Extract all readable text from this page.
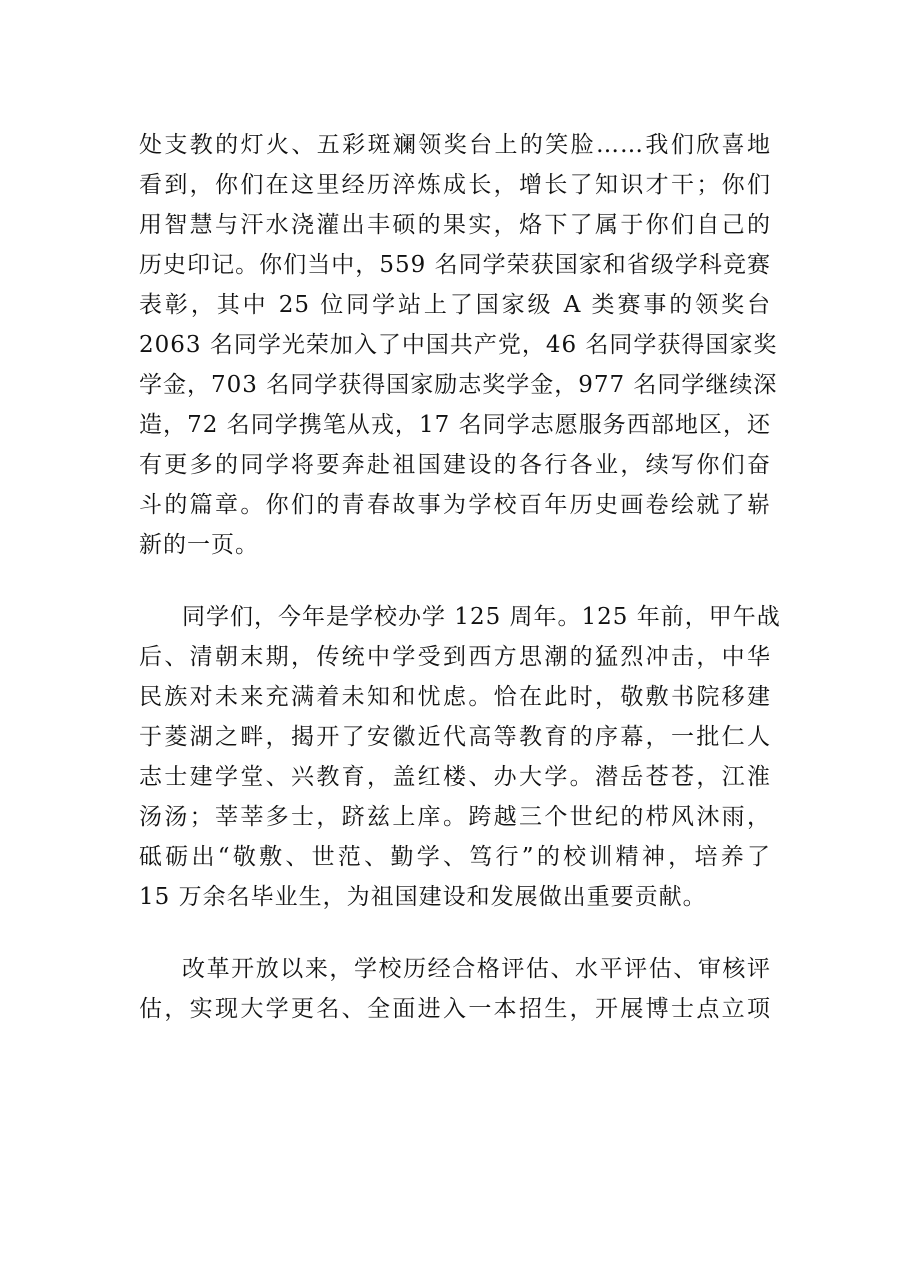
处支教的灯火、五彩斑斓领奖台上的笑脸……我们欣喜地
看到，你们在这里经历淬炼成长，增长了知识才干；你们
用智慧与汗水浇灌出丰硕的果实，烙下了属于你们自己的
历史印记。你们当中，559 名同学荣获国家和省级学科竞赛
表彰，其中 25 位同学站上了国家级 A 类赛事的领奖台
2063 名同学光荣加入了中国共产党，46 名同学获得国家奖
学金，703 名同学获得国家励志奖学金，977 名同学继续深
造，72 名同学携笔从戎，17 名同学志愿服务西部地区，还
有更多的同学将要奔赴祖国建设的各行各业，续写你们奋
斗的篇章。你们的青春故事为学校百年历史画卷绘就了崭
新的一页。
同学们，今年是学校办学 125 周年。125 年前，甲午战
后、清朝末期，传统中学受到西方思潮的猛烈冲击，中华
民族对未来充满着未知和忧虑。恰在此时，敬敷书院移建
于菱湖之畔，揭开了安徽近代高等教育的序幕，一批仁人
志士建学堂、兴教育，盖红楼、办大学。潜岳苍苍，江淮
汤汤；莘莘多士，跻兹上庠。跨越三个世纪的栉风沐雨，
砥砺出“敬敷、世范、勤学、笃行”的校训精神，培养了
15 万余名毕业生，为祖国建设和发展做出重要贡献。
改革开放以来，学校历经合格评估、水平评估、审核评
估，实现大学更名、全面进入一本招生，开展博士点立项
